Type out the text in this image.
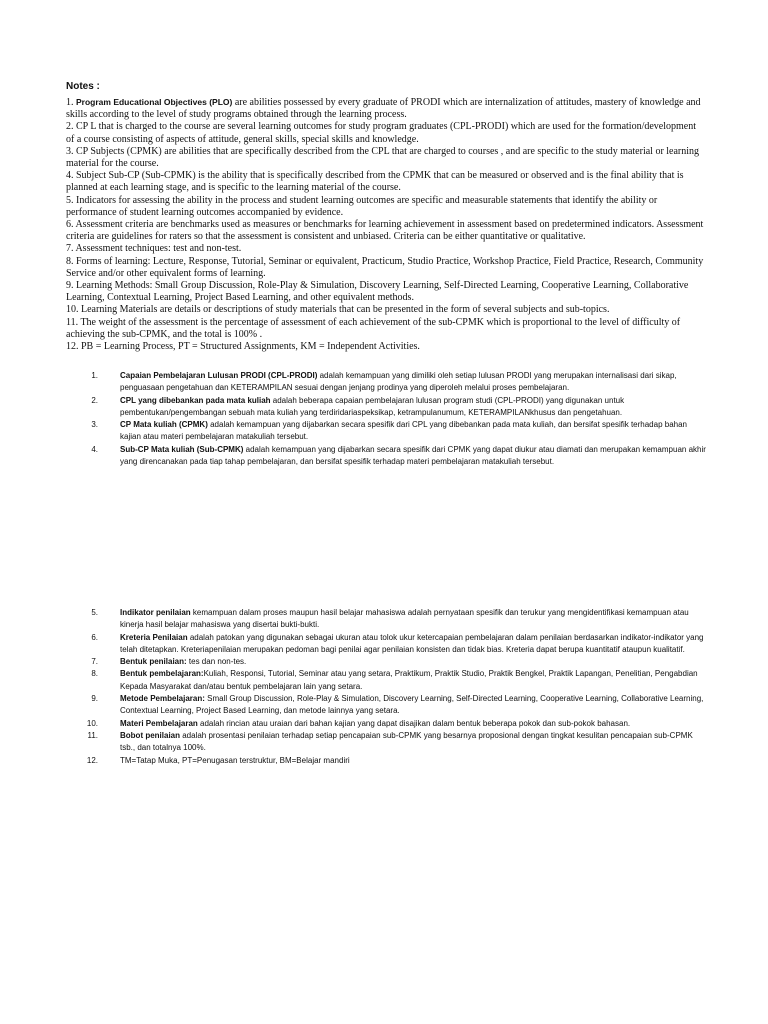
Notes :

1. Program Educational Objectives (PLO) are abilities possessed by every graduate of PRODI which are internalization of attitudes, mastery of knowledge and skills according to the level of study programs obtained through the learning process.

2. CP L that is charged to the course are several learning outcomes for study program graduates (CPL-PRODI) which are used for the formation/development of a course consisting of aspects of attitude, general skills, special skills and knowledge.

3. CP Subjects (CPMK) are abilities that are specifically described from the CPL that are charged to courses , and are specific to the study material or learning material for the course.

4. Subject Sub-CP (Sub-CPMK) is the ability that is specifically described from the CPMK that can be measured or observed and is the final ability that is planned at each learning stage, and is specific to the learning material of the course.

5. Indicators for assessing the ability in the process and student learning outcomes are specific and measurable statements that identify the ability or performance of student learning outcomes accompanied by evidence.

6. Assessment criteria are benchmarks used as measures or benchmarks for learning achievement in assessment based on predetermined indicators. Assessment criteria are guidelines for raters so that the assessment is consistent and unbiased. Criteria can be either quantitative or qualitative.

7. Assessment techniques: test and non-test.

8. Forms of learning: Lecture, Response, Tutorial, Seminar or equivalent, Practicum, Studio Practice, Workshop Practice, Field Practice, Research, Community Service and/or other equivalent forms of learning.

9. Learning Methods: Small Group Discussion, Role-Play & Simulation, Discovery Learning, Self-Directed Learning, Cooperative Learning, Collaborative Learning, Contextual Learning, Project Based Learning, and other equivalent methods.

10. Learning Materials are details or descriptions of study materials that can be presented in the form of several subjects and sub-topics.

11. The weight of the assessment is the percentage of assessment of each achievement of the sub-CPMK which is proportional to the level of difficulty of achieving the sub-CPMK, and the total is 100% .

12. PB = Learning Process, PT = Structured Assignments, KM = Independent Activities.

1.	Capaian Pembelajaran Lulusan PRODI (CPL-PRODI) adalah kemampuan yang dimiliki oleh setiap lulusan PRODI yang merupakan internalisasi dari sikap, penguasaan pengetahuan dan KETERAMPILAN sesuai dengan jenjang prodinya yang diperoleh melalui proses pembelajaran.
2.	CPL yang dibebankan pada mata kuliah adalah beberapa capaian pembelajaran lulusan program studi (CPL-PRODI) yang digunakan untuk pembentukan/pengembangan sebuah mata kuliah yang terdiridariaspeksikap, ketrampulanumum, KETERAMPILANkhusus dan pengetahuan.
3.	CP Mata kuliah (CPMK) adalah kemampuan yang dijabarkan secara spesifik dari CPL yang dibebankan pada mata kuliah, dan bersifat spesifik terhadap bahan kajian atau materi pembelajaran matakuliah tersebut.
4.	Sub-CP Mata kuliah (Sub-CPMK) adalah kemampuan yang dijabarkan secara spesifik dari CPMK yang dapat diukur atau diamati dan merupakan kemampuan akhir yang direncanakan pada tiap tahap pembelajaran, dan bersifat spesifik terhadap materi pembelajaran matakuliah tersebut.
5.	Indikator penilaian kemampuan dalam proses maupun hasil belajar mahasiswa adalah pernyataan spesifik dan terukur yang mengidentifikasi kemampuan atau kinerja hasil belajar mahasiswa yang disertai bukti-bukti.
6.	Kreteria Penilaian adalah patokan yang digunakan sebagai ukuran atau tolok ukur ketercapaian pembelajaran dalam penilaian berdasarkan indikator-indikator yang telah ditetapkan. Kreteriapenilaian merupakan pedoman bagi penilai agar penilaian konsisten dan tidak bias. Kreteria dapat berupa kuantitatif ataupun kualitatif.
7.	Bentuk penilaian: tes dan non-tes.
8.	Bentuk pembelajaran:Kuliah, Responsi, Tutorial, Seminar atau yang setara, Praktikum, Praktik Studio, Praktik Bengkel, Praktik Lapangan, Penelitian, Pengabdian Kepada Masyarakat dan/atau bentuk pembelajaran lain yang setara.
9.	Metode Pembelajaran: Small Group Discussion, Role-Play & Simulation, Discovery Learning, Self-Directed Learning, Cooperative Learning, Collaborative Learning, Contextual Learning, Project Based Learning, dan metode lainnya yang setara.
10.	Materi Pembelajaran adalah rincian atau uraian dari bahan kajian yang dapat disajikan dalam bentuk beberapa pokok dan sub-pokok bahasan.
11.	Bobot penilaian adalah prosentasi penilaian terhadap setiap pencapaian sub-CPMK yang besarnya proposional dengan tingkat kesulitan pencapaian sub-CPMK tsb., dan totalnya 100%.
12.	TM=Tatap Muka, PT=Penugasan terstruktur, BM=Belajar mandiri
